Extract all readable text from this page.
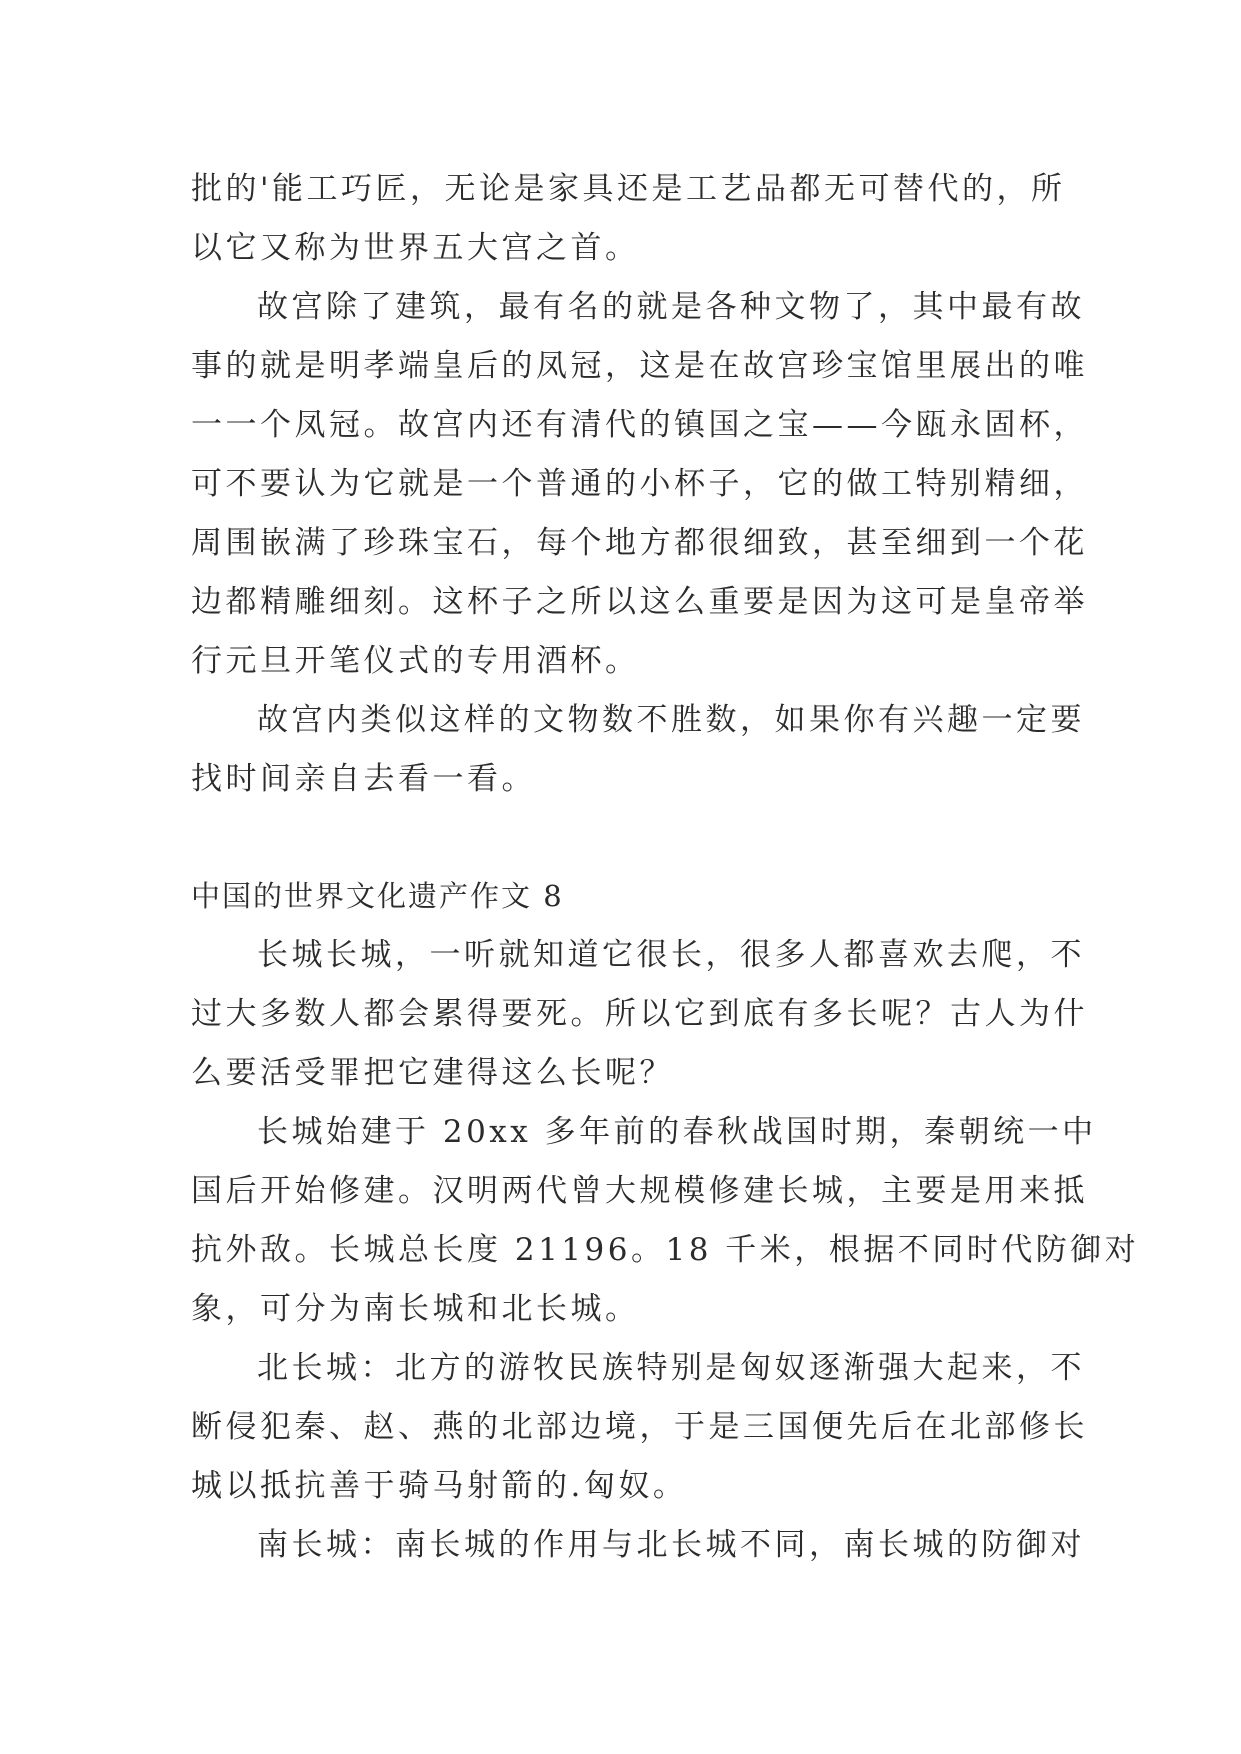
批的'能工巧匠，无论是家具还是工艺品都无可替代的，所
以它又称为世界五大宫之首。
故宫除了建筑，最有名的就是各种文物了，其中最有故
事的就是明孝端皇后的凤冠，这是在故宫珍宝馆里展出的唯
一一个凤冠。故宫内还有清代的镇国之宝——今瓯永固杯，
可不要认为它就是一个普通的小杯子，它的做工特别精细，
周围嵌满了珍珠宝石，每个地方都很细致，甚至细到一个花
边都精雕细刻。这杯子之所以这么重要是因为这可是皇帝举
行元旦开笔仪式的专用酒杯。
故宫内类似这样的文物数不胜数，如果你有兴趣一定要
找时间亲自去看一看。
中国的世界文化遗产作文 8
长城长城，一听就知道它很长，很多人都喜欢去爬，不
过大多数人都会累得要死。所以它到底有多长呢？古人为什
么要活受罪把它建得这么长呢？
长城始建于 20xx 多年前的春秋战国时期，秦朝统一中
国后开始修建。汉明两代曾大规模修建长城，主要是用来抵
抗外敌。长城总长度 21196。18 千米，根据不同时代防御对
象，可分为南长城和北长城。
北长城：北方的游牧民族特别是匈奴逐渐强大起来，不
断侵犯秦、赵、燕的北部边境，于是三国便先后在北部修长
城以抵抗善于骑马射箭的.匈奴。
南长城：南长城的作用与北长城不同，南长城的防御对
